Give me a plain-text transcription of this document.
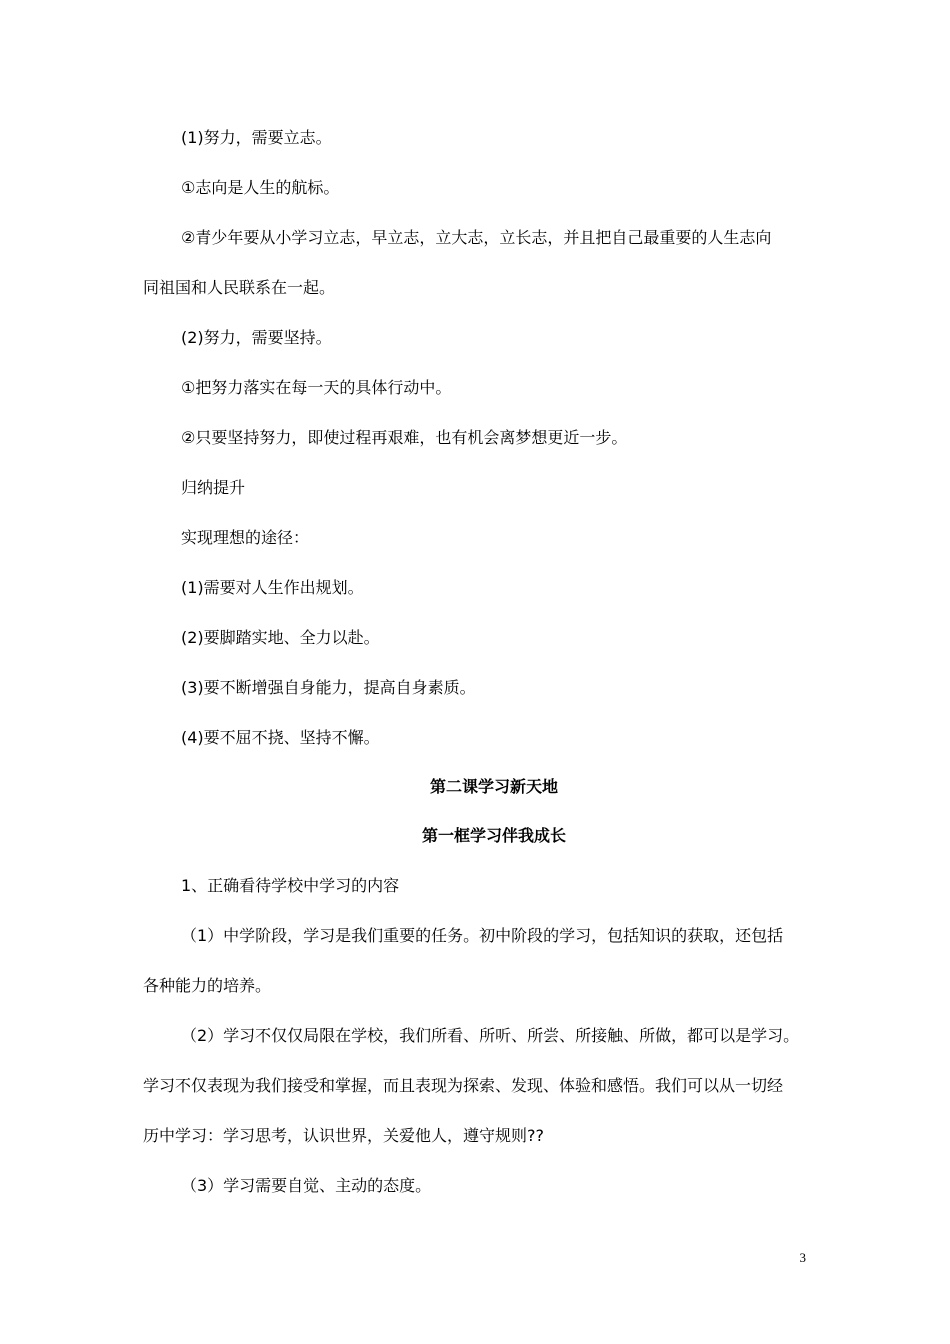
(1)努力，需要立志。
①志向是人生的航标。
②青少年要从小学习立志，早立志，立大志，立长志，并且把自己最重要的人生志向
同祖国和人民联系在一起。
(2)努力，需要坚持。
①把努力落实在每一天的具体行动中。
②只要坚持努力，即使过程再艰难，也有机会离梦想更近一步。
归纳提升
实现理想的途径：
(1)需要对人生作出规划。
(2)要脚踏实地、全力以赴。
(3)要不断增强自身能力，提高自身素质。
(4)要不屈不挠、坚持不懈。
第二课学习新天地
第一框学习伴我成长
1、正确看待学校中学习的内容
（1）中学阶段，学习是我们重要的任务。初中阶段的学习，包括知识的获取，还包括
各种能力的培养。
（2）学习不仅仅局限在学校，我们所看、所听、所尝、所接触、所做，都可以是学习。
学习不仅表现为我们接受和掌握，而且表现为探索、发现、体验和感悟。我们可以从一切经
历中学习：学习思考，认识世界，关爱他人，遵守规则??
（3）学习需要自觉、主动的态度。
3
